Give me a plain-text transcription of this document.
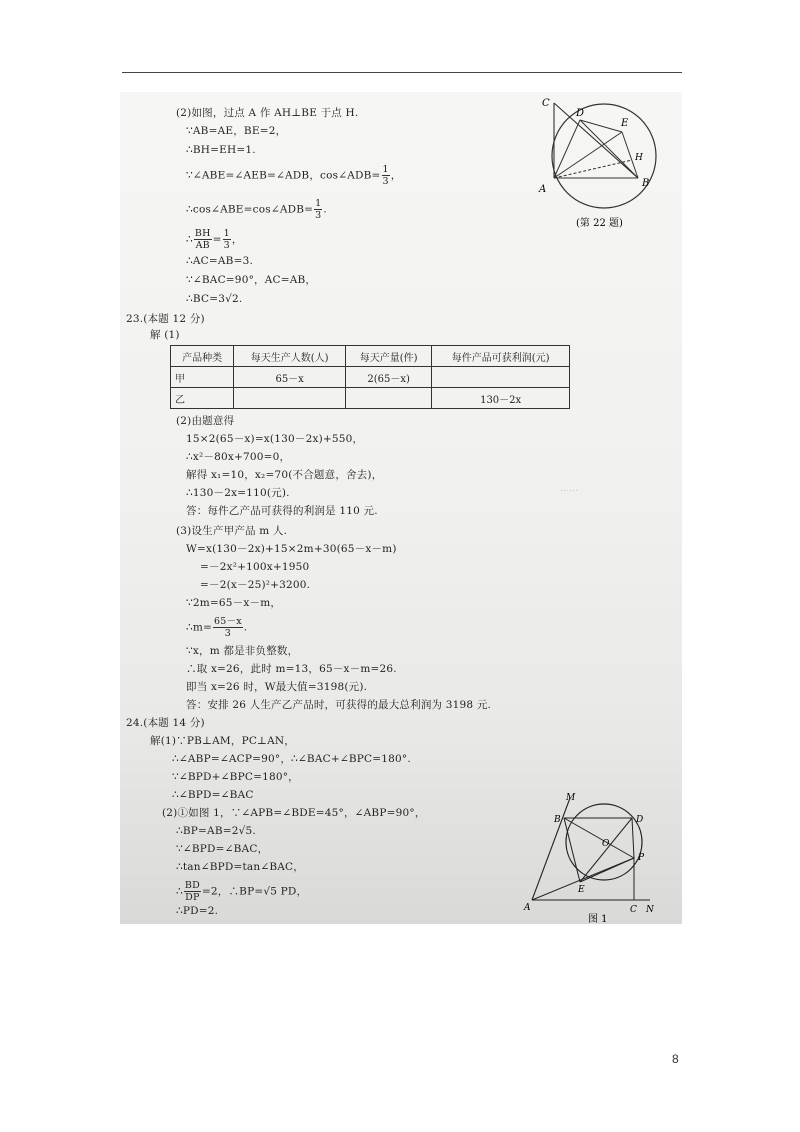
……
(2)如图，过点 A 作 AH⊥BE 于点 H.
∵AB=AE，BE=2，
∴BH=EH=1.
∵∠ABE=∠AEB=∠ADB，cos∠ADB= $\frac{1}{3}$ ，
∴cos∠ABE=cos∠ADB= $\frac{1}{3}$ .
∴ $\frac{BH}{AB} = \frac{1}{3}$ ，
∴AC=AB=3.
∵∠BAC=90°，AC=AB，
∴BC=3√2.
C
D
E
H
A
B
(第 22 题)
23.(本题 12 分)
解 (1)
产品种类	每天生产人数(人)	每天产量(件)	每件产品可获利润(元)
甲	65－x	2(65－x)	
乙			130－2x
(2)由题意得
15×2(65－x)=x(130－2x)+550，
∴x²－80x+700=0，
解得 x₁=10，x₂=70(不合题意，舍去)，
∴130－2x=110(元).
答：每件乙产品可获得的利润是 110 元.
(3)设生产甲产品 m 人.
W=x(130－2x)+15×2m+30(65－x－m)
=－2x²+100x+1950
=－2(x－25)²+3200.
∵2m=65－x－m，
∴m= $\frac{65-x}{3}$ .
∵x，m 都是非负整数，
∴取 x=26，此时 m=13，65－x－m=26.
即当 x=26 时，W最大值=3198(元).
答：安排 26 人生产乙产品时，可获得的最大总利润为 3198 元.
24.(本题 14 分)
解(1)∵PB⊥AM，PC⊥AN，
∴∠ABP=∠ACP=90°，∴∠BAC+∠BPC=180°.
∵∠BPD+∠BPC=180°，
∴∠BPD=∠BAC
(2)①如图 1，∵∠APB=∠BDE=45°，∠ABP=90°，
∴BP=AB=2√5.
∵∠BPD=∠BAC，
∴tan∠BPD=tan∠BAC，
∴ $\frac{BD}{DP} =2$，∴BP=√5 PD，
∴PD=2.
M
B	D
O
P
E
A	C N
图 1
8
